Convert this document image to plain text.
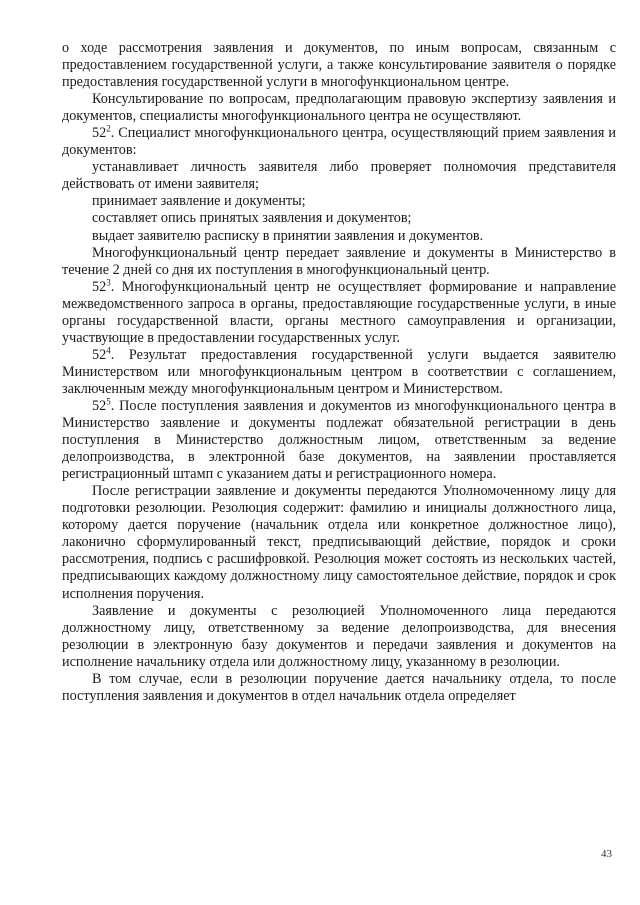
о ходе рассмотрения заявления и документов, по иным вопросам, связанным с предоставлением государственной услуги, а также консультирование заявителя о порядке предоставления государственной услуги в многофункциональном центре.

Консультирование по вопросам, предполагающим правовую экспертизу заявления и документов, специалисты многофункционального центра не осуществляют.

$52^2$. Специалист многофункционального центра, осуществляющий прием заявления и документов:

устанавливает личность заявителя либо проверяет полномочия представителя действовать от имени заявителя;

принимает заявление и документы;

составляет опись принятых заявления и документов;

выдает заявителю расписку в принятии заявления и документов.

Многофункциональный центр передает заявление и документы в Министерство в течение 2 дней со дня их поступления в многофункциональный центр.

$52^3$. Многофункциональный центр не осуществляет формирование и направление межведомственного запроса в органы, предоставляющие государственные услуги, в иные органы государственной власти, органы местного самоуправления и организации, участвующие в предоставлении государственных услуг.

$52^4$. Результат предоставления государственной услуги выдается заявителю Министерством или многофункциональным центром в соответствии с соглашением, заключенным между многофункциональным центром и Министерством.

$52^5$. После поступления заявления и документов из многофункционального центра в Министерство заявление и документы подлежат обязательной регистрации в день поступления в Министерство должностным лицом, ответственным за ведение делопроизводства, в электронной базе документов, на заявлении проставляется регистрационный штамп с указанием даты и регистрационного номера.

После регистрации заявление и документы передаются Уполномоченному лицу для подготовки резолюции. Резолюция содержит: фамилию и инициалы должностного лица, которому дается поручение (начальник отдела или конкретное должностное лицо), лаконично сформулированный текст, предписывающий действие, порядок и сроки рассмотрения, подпись с расшифровкой. Резолюция может состоять из нескольких частей, предписывающих каждому должностному лицу самостоятельное действие, порядок и срок исполнения поручения.

Заявление и документы с резолюцией Уполномоченного лица передаются должностному лицу, ответственному за ведение делопроизводства, для внесения резолюции в электронную базу документов и передачи заявления и документов на исполнение начальнику отдела или должностному лицу, указанному в резолюции.

В том случае, если в резолюции поручение дается начальнику отдела, то после поступления заявления и документов в отдел начальник отдела определяет

43
